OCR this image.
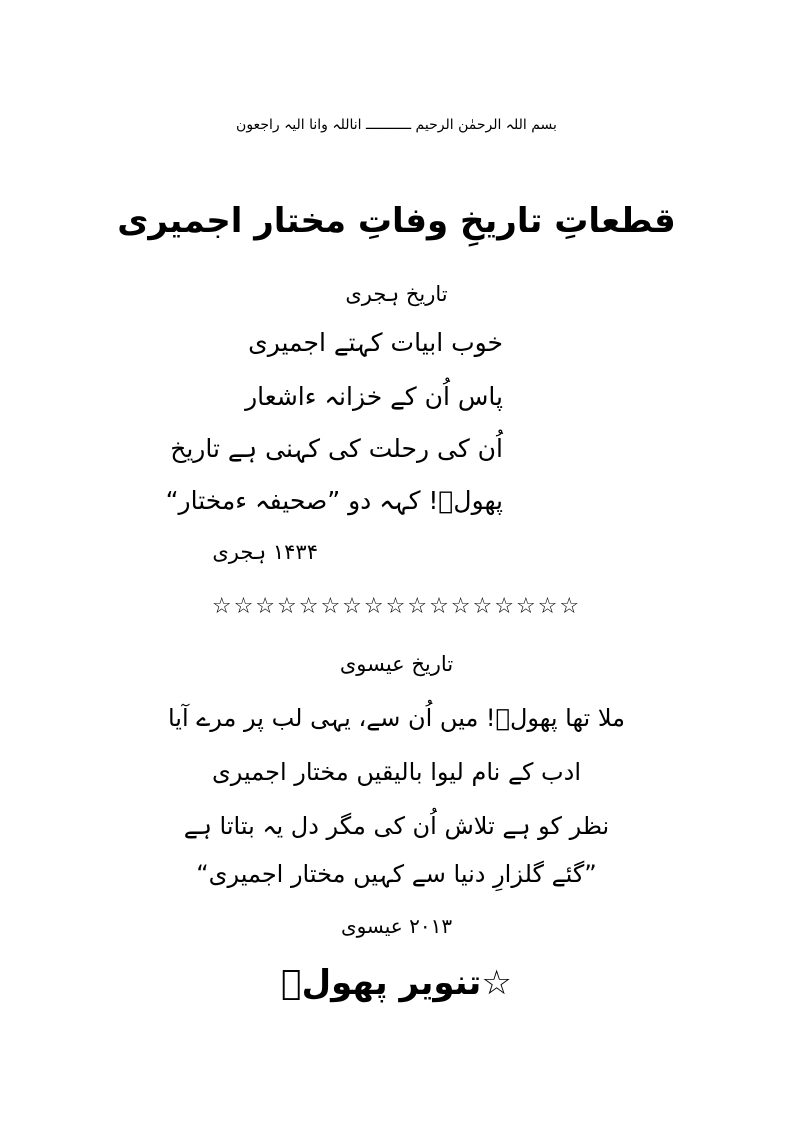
بسم اللہ الرحمٰن الرحیم ـــــــــــ اناللہ وانا الیہ راجعون
قطعاتِ تاریخِ وفاتِ مختار اجمیری
تاریخ ہجری
خوب ابیات کہتے اجمیری
پاس اُن کے خزانہ ءاشعار
اُن کی رحلت کی کہنی ہے تاریخ
پھولؔ! کہہ دو ”صحیفہ ءمختار“
۱۴۳۴ ہجری
☆☆☆☆☆☆☆☆☆☆☆☆☆☆☆☆☆
تاریخ عیسوی
ملا تھا پھولؔ! میں اُن سے، یہی لب پر مرے آیا
ادب کے نام لیوا بالیقیں مختار اجمیری
نظر کو ہے تلاش اُن کی مگر دل یہ بتاتا ہے
”گئے گلزارِ دنیا سے کہیں مختار اجمیری“
۲۰۱۳ عیسوی
☆تنویر پھولؔ
